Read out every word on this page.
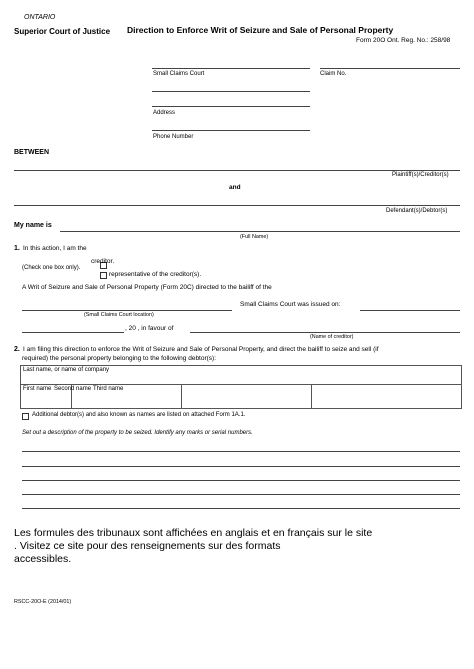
ONTARIO
Superior Court of Justice Direction to Enforce Writ of Seizure and Sale of Personal Property
Form 20O Ont. Reg. No.: 258/98
Small Claims Court	Claim No.
Address
Phone Number
BETWEEN
Plaintiff(s)/Creditor(s)
and
Defendant(s)/Debtor(s)
My name is
(Full Name)
1. In this action, I am the
creditor.
(Check one box only).
representative of the creditor(s).
A Writ of Seizure and Sale of Personal Property (Form 20C) directed to the bailiff of the
Small Claims Court was issued on:
(Small Claims Court location)
, 20 , in favour of
(Name of creditor)
2. I am filing this direction to enforce the Writ of Seizure and Sale of Personal Property, and direct the bailiff to seize and sell (if
required) the personal property belonging to the following debtor(s):
Last name, or name of company
First name Second name Third name
Additional debtor(s) and also known as names are listed on attached Form 1A.1.
Set out a description of the property to be seized. Identify any marks or serial numbers.
Les formules des tribunaux sont affichées en anglais et en français sur le site
. Visitez ce site pour des renseignements sur des formats
accessibles.
RSCC-20O-E (2014/01)
